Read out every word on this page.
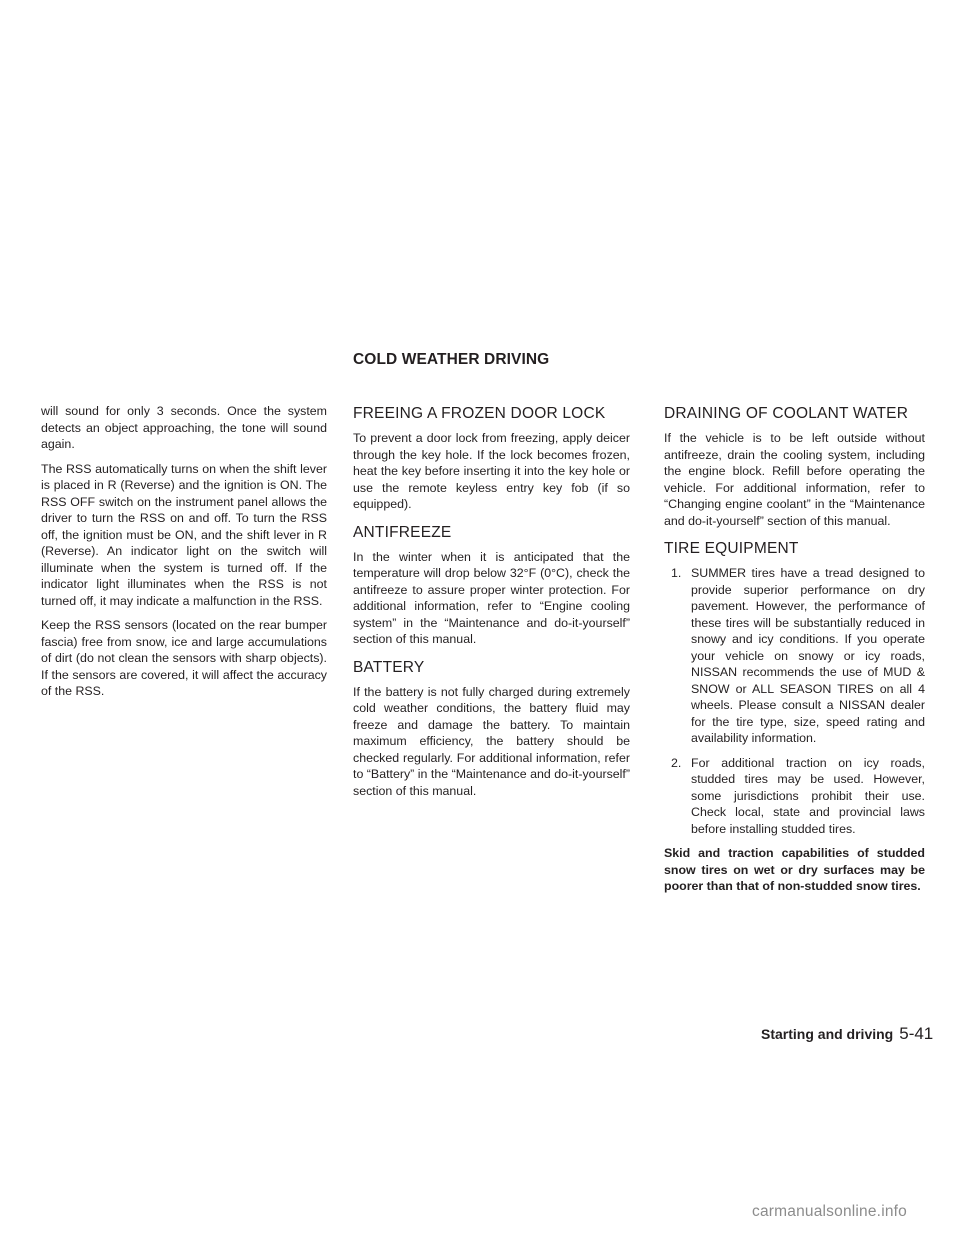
COLD WEATHER DRIVING

will sound for only 3 seconds. Once the system detects an object approaching, the tone will sound again.

The RSS automatically turns on when the shift lever is placed in R (Reverse) and the ignition is ON. The RSS OFF switch on the instrument panel allows the driver to turn the RSS on and off. To turn the RSS off, the ignition must be ON, and the shift lever in R (Reverse). An indicator light on the switch will illuminate when the system is turned off. If the indicator light illuminates when the RSS is not turned off, it may indicate a malfunction in the RSS.

Keep the RSS sensors (located on the rear bumper fascia) free from snow, ice and large accumulations of dirt (do not clean the sensors with sharp objects). If the sensors are covered, it will affect the accuracy of the RSS.

FREEING A FROZEN DOOR LOCK

To prevent a door lock from freezing, apply deicer through the key hole. If the lock becomes frozen, heat the key before inserting it into the key hole or use the remote keyless entry key fob (if so equipped).

ANTIFREEZE

In the winter when it is anticipated that the temperature will drop below 32°F (0°C), check the antifreeze to assure proper winter protection. For additional information, refer to “Engine cooling system” in the “Maintenance and do-it-yourself” section of this manual.

BATTERY

If the battery is not fully charged during extremely cold weather conditions, the battery fluid may freeze and damage the battery. To maintain maximum efficiency, the battery should be checked regularly. For additional information, refer to “Battery” in the “Maintenance and do-it-yourself” section of this manual.

DRAINING OF COOLANT WATER

If the vehicle is to be left outside without antifreeze, drain the cooling system, including the engine block. Refill before operating the vehicle. For additional information, refer to “Changing engine coolant” in the “Maintenance and do-it-yourself” section of this manual.

TIRE EQUIPMENT
1. SUMMER tires have a tread designed to provide superior performance on dry pavement. However, the performance of these tires will be substantially reduced in snowy and icy conditions. If you operate your vehicle on snowy or icy roads, NISSAN recommends the use of MUD & SNOW or ALL SEASON TIRES on all 4 wheels. Please consult a NISSAN dealer for the tire type, size, speed rating and availability information.
2. For additional traction on icy roads, studded tires may be used. However, some jurisdictions prohibit their use. Check local, state and provincial laws before installing studded tires.

Skid and traction capabilities of studded snow tires on wet or dry surfaces may be poorer than that of non-studded snow tires.

Starting and driving 5-41
carmanualsonline.info
